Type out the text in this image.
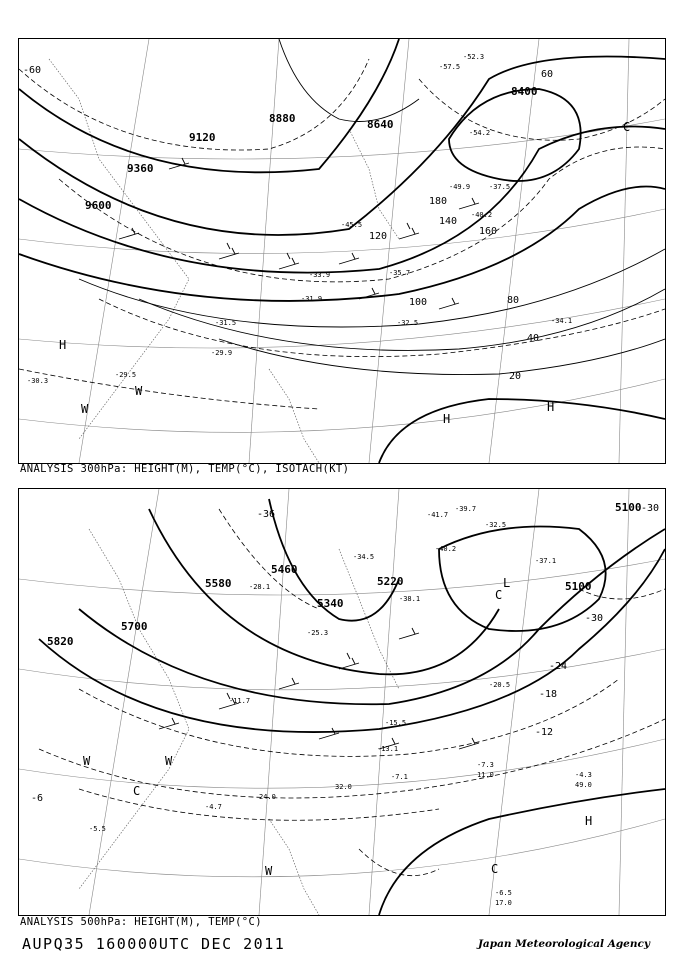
8400
8640
8880
9120
9360
9600
20
40
60
80
100
120
140
160
180
-60	-57.5
-54.2
-52.3
-49.9
-45.5
-40.2
-37.5
-35.7
-33.9
-32.5
-31.9
-31.5
-29.5
-29.9
-34.1
-30.3
C
H
H
H
W
W
ANALYSIS 300hPa: HEIGHT(M), TEMP(°C), ISOTACH(KT)
5100
5100
5220
5340
5460
5580
5700
5820
-36
-30
-24
-18
-12
-6
-30
-41.7
-39.7
-32.5
-37.1
-34.5
-38.1
-40.2
-28.1
-25.3
-20.5
-15.5
-13.1
-11.7
-7.3
-7.1	-4.3
-6.5
-4.7
-5.5
17.0
11.0
49.0
32.0
24.0
L
C
C
C
H
W	W
W
ANALYSIS 500hPa: HEIGHT(M), TEMP(°C)
AUPQ35 160000UTC DEC 2011	Japan Meteorological Agency
